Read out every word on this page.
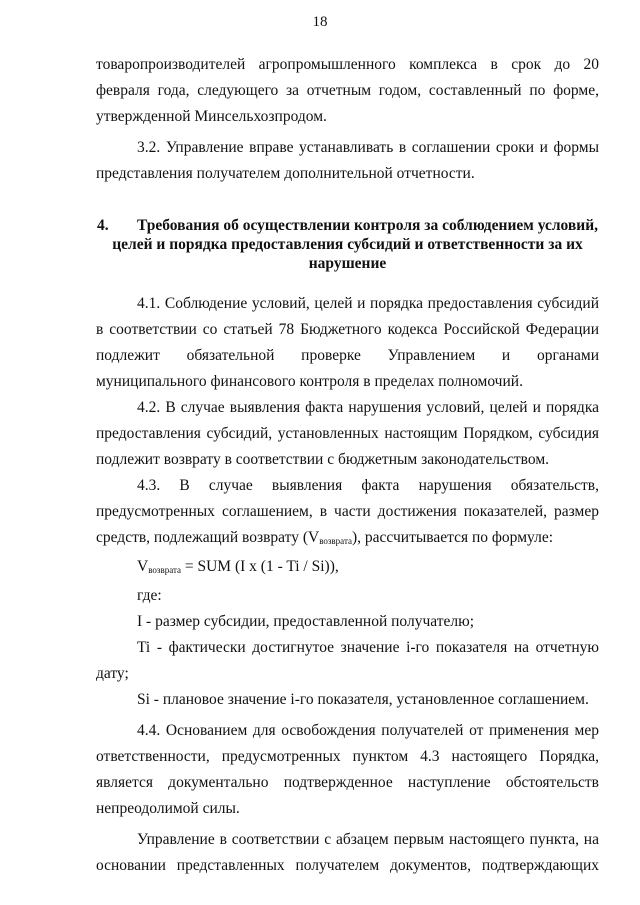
18

товаропроизводителей агропромышленного комплекса в срок до 20 февраля года, следующего за отчетным годом, составленный по форме, утвержденной Минсельхозпродом.

3.2. Управление вправе устанавливать в соглашении сроки и формы представления получателем дополнительной отчетности.

4. Требования об осуществлении контроля за соблюдением условий, целей и порядка предоставления субсидий и ответственности за их нарушение

4.1. Соблюдение условий, целей и порядка предоставления субсидий в соответствии со статьей 78 Бюджетного кодекса Российской Федерации подлежит обязательной проверке Управлением и органами муниципального финансового контроля в пределах полномочий.

4.2. В случае выявления факта нарушения условий, целей и порядка предоставления субсидий, установленных настоящим Порядком, субсидия подлежит возврату в соответствии с бюджетным законодательством.

4.3. В случае выявления факта нарушения обязательств, предусмотренных соглашением, в части достижения показателей, размер средств, подлежащий возврату $(V_{возврата})$, рассчитывается по формуле:

$V_{возврата}$ = SUM (I x (1 - Ti / Si)),

где:

I - размер субсидии, предоставленной получателю;

Ti - фактически достигнутое значение i-го показателя на отчетную дату;

Si - плановое значение i-го показателя, установленное соглашением.

4.4. Основанием для освобождения получателей от применения мер ответственности, предусмотренных пунктом 4.3 настоящего Порядка, является документально подтвержденное наступление обстоятельств непреодолимой силы.

Управление в соответствии с абзацем первым настоящего пункта, на основании представленных получателем документов, подтверждающих
